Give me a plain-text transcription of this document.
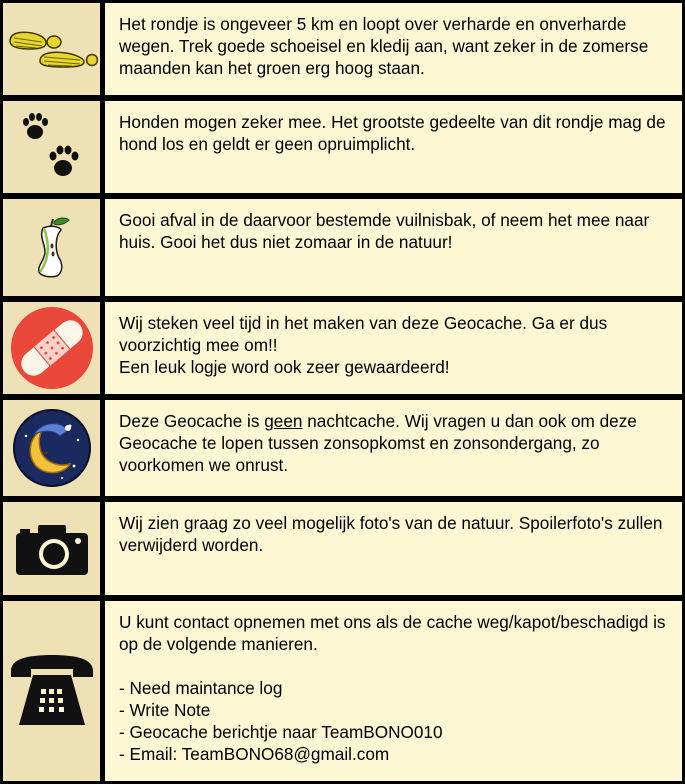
Het rondje is ongeveer 5 km en loopt over verharde en onverharde wegen. Trek goede schoeisel en kledij aan, want zeker in de zomerse maanden kan het groen erg hoog staan.

Honden mogen zeker mee. Het grootste gedeelte van dit rondje mag de hond los en geldt er geen opruimplicht.

Gooi afval in de daarvoor bestemde vuilnisbak, of neem het mee naar huis. Gooi het dus niet zomaar in de natuur!

Wij steken veel tijd in het maken van deze Geocache. Ga er dus voorzichtig mee om!!

Een leuk logje word ook zeer gewaardeerd!

Deze Geocache is geen nachtcache. Wij vragen u dan ook om deze Geocache te lopen tussen zonsopkomst en zonsondergang, zo voorkomen we onrust.

Wij zien graag zo veel mogelijk foto's van de natuur. Spoilerfoto's zullen verwijderd worden.

U kunt contact opnemen met ons als de cache weg/kapot/beschadigd is op de volgende manieren.

- Need maintance log

- Write Note

- Geocache berichtje naar TeamBONO010

- Email: TeamBONO68@gmail.com
